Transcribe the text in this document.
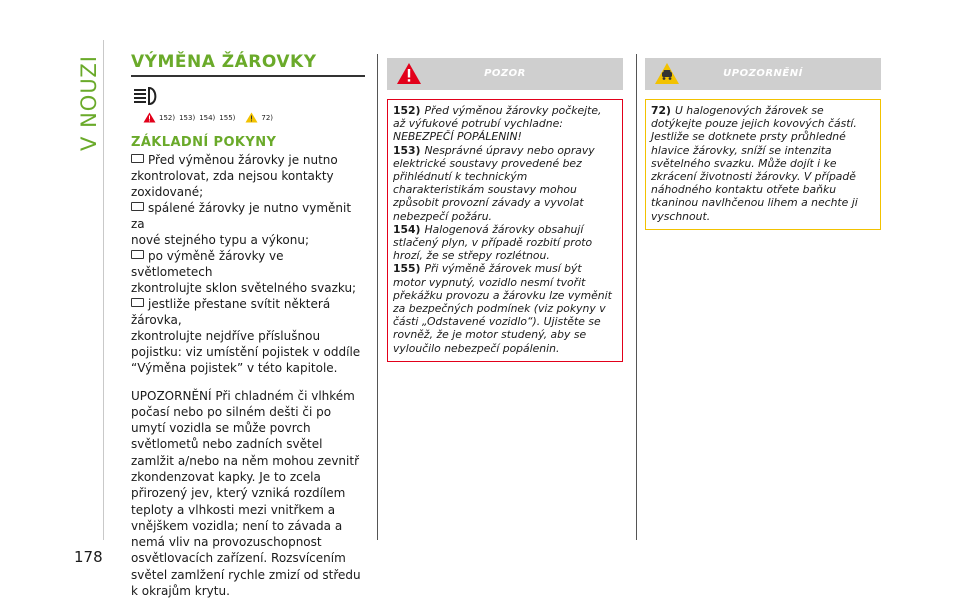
V NOUZI
178
VÝMĚNA ŽÁROVKY
152) 153) 154) 155)	72)
ZÁKLADNÍ POKYNY
Před výměnou žárovky je nutno
zkontrolovat, zda nejsou kontakty zoxidované;
spálené žárovky je nutno vyměnit za
nové stejného typu a výkonu;
po výměně žárovky ve světlometech
zkontrolujte sklon světelného svazku;
jestliže přestane svítit některá žárovka,
zkontrolujte nejdříve příslušnou pojistku: viz umístění pojistek v oddíle “Výměna pojistek” v této kapitole.
UPOZORNĚNÍ Při chladném či vlhkém počasí nebo po silném dešti či po umytí vozidla se může povrch světlometů nebo zadních světel zamlžit a/nebo na něm mohou zevnitř zkondenzovat kapky. Je to zcela přirozený jev, který vzniká rozdílem teploty a vlhkosti mezi vnitřkem a vnějškem vozidla; není to závada a nemá vliv na provozuschopnost osvětlovacích zařízení. Rozsvícením světel zamlžení rychle zmizí od středu k okrajům krytu.
POZOR

152) Před výměnou žárovky počkejte, až výfukové potrubí vychladne: NEBEZPEČÍ POPÁLENIN!

153) Nesprávné úpravy nebo opravy elektrické soustavy provedené bez přihlédnutí k technickým charakteristikám soustavy mohou způsobit provozní závady a vyvolat nebezpečí požáru.

154) Halogenová žárovky obsahují stlačený plyn, v případě rozbití proto hrozí, že se střepy rozlétnou.

155) Při výměně žárovek musí být motor vypnutý, vozidlo nesmí tvořit překážku provozu a žárovku lze vyměnit za bezpečných podmínek (viz pokyny v části „Odstavené vozidlo“). Ujistěte se rovněž, že je motor studený, aby se vyloučilo nebezpečí popálenin.

UPOZORNĚNÍ

72) U halogenových žárovek se dotýkejte pouze jejich kovových částí. Jestliže se dotknete prsty průhledné hlavice žárovky, sníží se intenzita světelného svazku. Může dojít i ke zkrácení životnosti žárovky. V případě náhodného kontaktu otřete baňku tkaninou navlhčenou lihem a nechte ji vyschnout.
